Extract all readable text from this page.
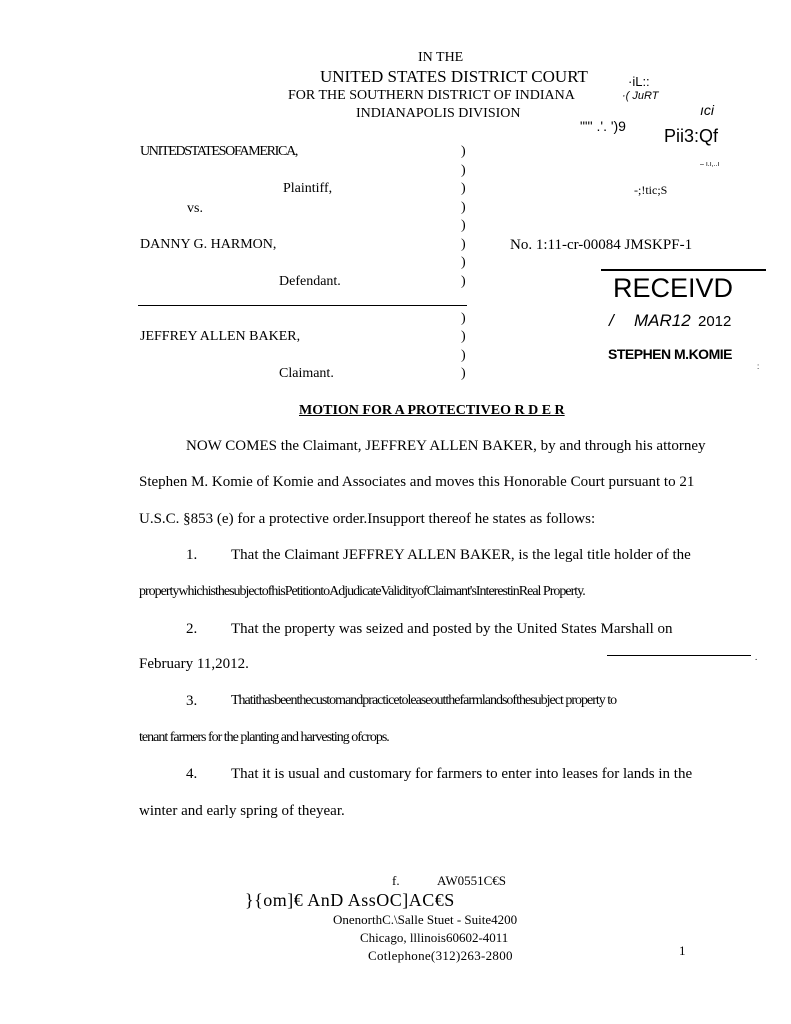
IN THE
UNITED STATES DISTRICT COURT
FOR THE SOUTHERN DISTRICT OF INDIANA
INDIANAPOLIS DIVISION
·iL::
·( JuRT
ıci
""' .'. ')9 Pii3:Qf
– ı.ı,..ı
-;!tic;S
UNITEDSTATESOFAMERICA,
Plaintiff,
vs.
DANNY G. HARMON,
Defendant.
JEFFREY ALLEN BAKER,
Claimant.
)
)
)
)
)
)
)
)
)
)
)
)
No. 1:11-cr-00084 JMSKPF-1
RECEIVD
/ MAR12 2012
STEPHEN M.KOMIE
:
MOTION FOR A PROTECTIVEO R D E R
NOW COMES the Claimant, JEFFREY ALLEN BAKER, by and through his attorney
Stephen M. Komie of Komie and Associates and moves this Honorable Court pursuant to 21
U.S.C. §853 (e) for a protective order.Insupport thereof he states as follows:
1. That the Claimant JEFFREY ALLEN BAKER, is the legal title holder of the
propertywhichisthesubjectofhisPetitiontoAdjudicateValidityofClaimant'sInterestinReal Property.
2. That the property was seized and posted by the United States Marshall on
February 11,2012.	.
3. Thatithasbeenthecustomandpracticetoleaseoutthefarmlandsofthesubject property to
tenant farmers for the planting and harvesting ofcrops.
4. That it is usual and customary for farmers to enter into leases for lands in the
winter and early spring of theyear.
f.	AW0551C€S
}{om]€ AnD AssOC]AC€S
OnenorthC.\Salle Stuet - Suite4200
Chicago, lllinois60602-4011
Cotlephone(312)263-2800	1
